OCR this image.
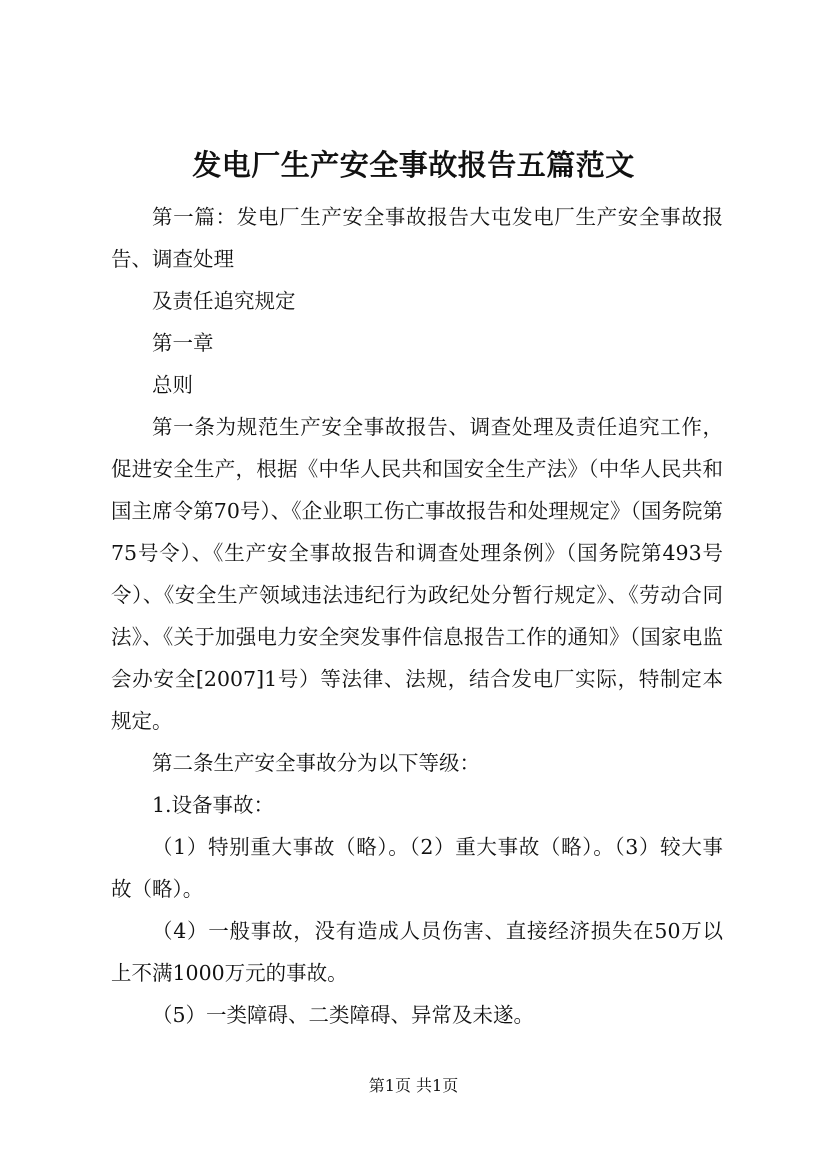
发电厂生产安全事故报告五篇范文

第一篇：发电厂生产安全事故报告大屯发电厂生产安全事故报告、调查处理

及责任追究规定

第一章

总则

第一条为规范生产安全事故报告、调查处理及责任追究工作，促进安全生产，根据《中华人民共和国安全生产法》（中华人民共和国主席令第70号）、《企业职工伤亡事故报告和处理规定》（国务院第75号令）、《生产安全事故报告和调查处理条例》（国务院第493号令）、《安全生产领域违法违纪行为政纪处分暂行规定》、《劳动合同法》、《关于加强电力安全突发事件信息报告工作的通知》（国家电监会办安全[2007]1号）等法律、法规，结合发电厂实际，特制定本规定。

第二条生产安全事故分为以下等级：

1.设备事故：

（1）特别重大事故（略）。（2）重大事故（略）。（3）较大事故（略）。

（4）一般事故，没有造成人员伤害、直接经济损失在50万以上不满1000万元的事故。

（5）一类障碍、二类障碍、异常及未遂。

第1页 共1页
